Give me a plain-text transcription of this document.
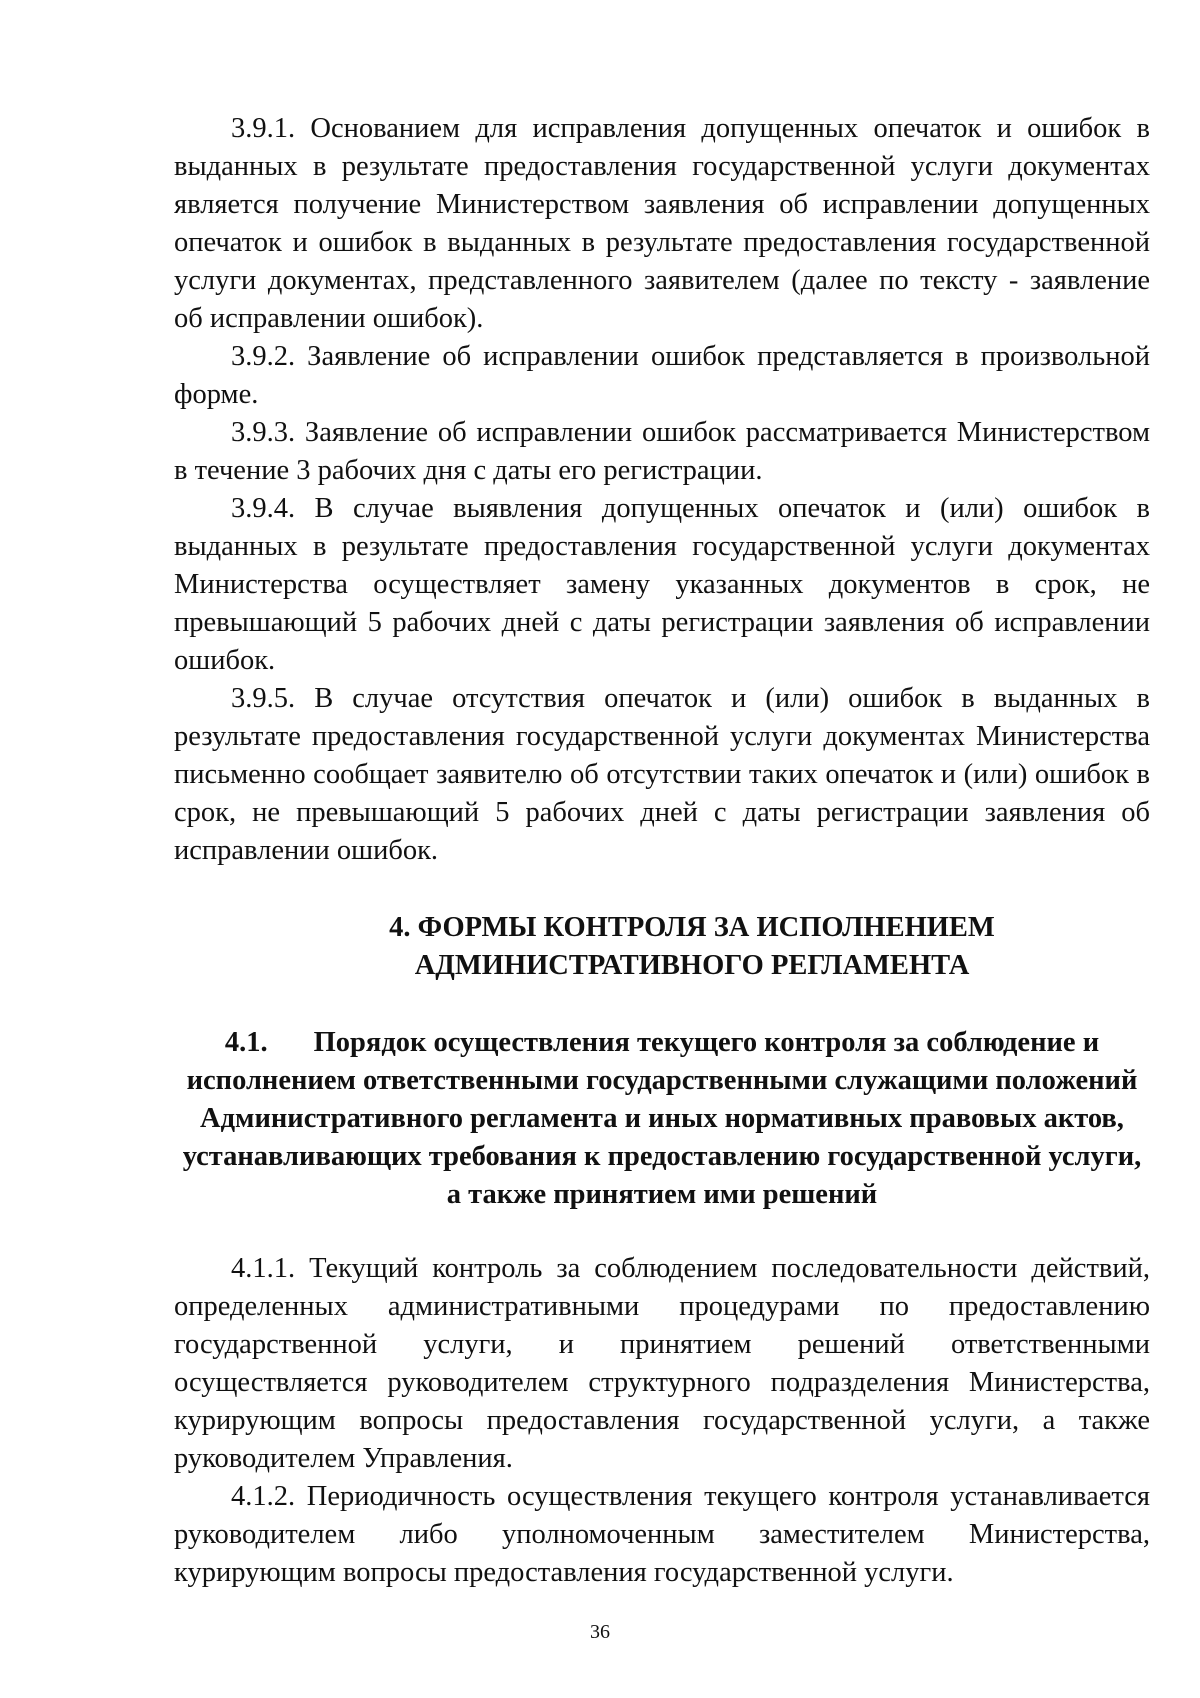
3.9.1. Основанием для исправления допущенных опечаток и ошибок в выданных в результате предоставления государственной услуги документах является получение Министерством заявления об исправлении допущенных опечаток и ошибок в выданных в результате предоставления государственной услуги документах, представленного заявителем (далее по тексту - заявление об исправлении ошибок).

3.9.2. Заявление об исправлении ошибок представляется в произвольной форме.

3.9.3. Заявление об исправлении ошибок рассматривается Министерством в течение 3 рабочих дня с даты его регистрации.

3.9.4. В случае выявления допущенных опечаток и (или) ошибок в выданных в результате предоставления государственной услуги документах Министерства осуществляет замену указанных документов в срок, не превышающий 5 рабочих дней с даты регистрации заявления об исправлении ошибок.

3.9.5. В случае отсутствия опечаток и (или) ошибок в выданных в результате предоставления государственной услуги документах Министерства письменно сообщает заявителю об отсутствии таких опечаток и (или) ошибок в срок, не превышающий 5 рабочих дней с даты регистрации заявления об исправлении ошибок.

4. ФОРМЫ КОНТРОЛЯ ЗА ИСПОЛНЕНИЕМ

АДМИНИСТРАТИВНОГО РЕГЛАМЕНТА

4.1. Порядок осуществления текущего контроля за соблюдение и исполнением ответственными государственными служащими положений Административного регламента и иных нормативных правовых актов, устанавливающих требования к предоставлению государственной услуги, а также принятием ими решений

4.1.1. Текущий контроль за соблюдением последовательности действий, определенных административными процедурами по предоставлению государственной услуги, и принятием решений ответственными осуществляется руководителем структурного подразделения Министерства, курирующим вопросы предоставления государственной услуги, а также руководителем Управления.

4.1.2. Периодичность осуществления текущего контроля устанавливается руководителем либо уполномоченным заместителем Министерства, курирующим вопросы предоставления государственной услуги.

36
